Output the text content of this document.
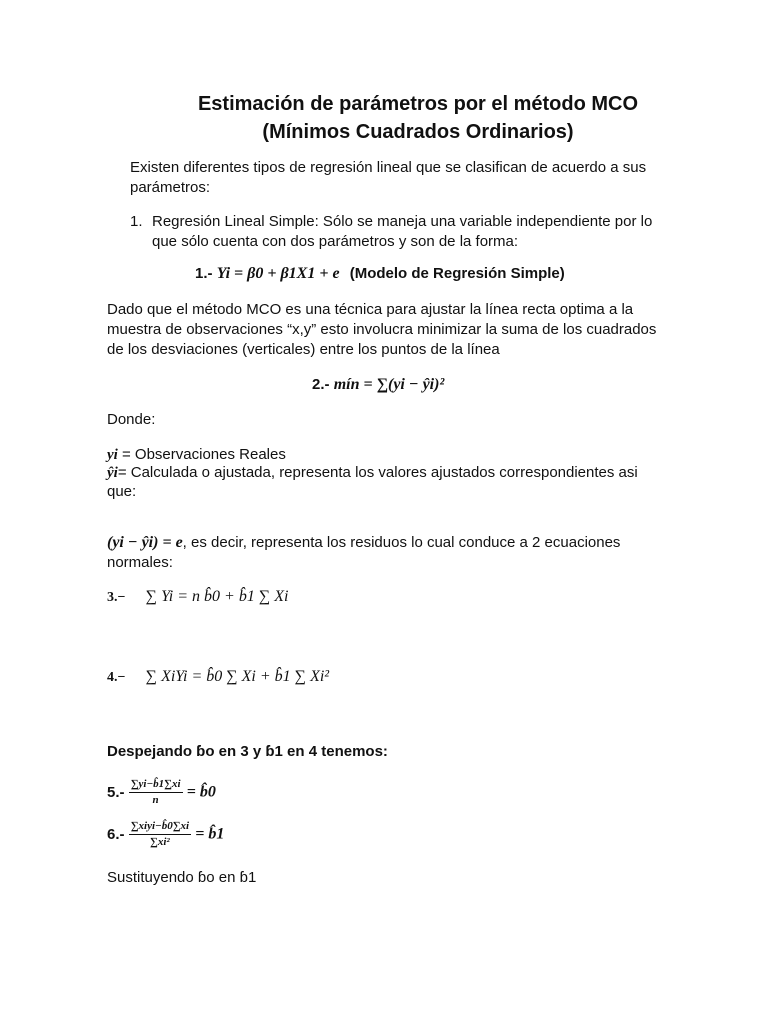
Estimación de parámetros por el método MCO
(Mínimos Cuadrados Ordinarios)
Existen diferentes tipos de regresión lineal que se clasifican de acuerdo a sus
parámetros:
1. Regresión Lineal Simple: Sólo se maneja una variable independiente por lo
que sólo cuenta con dos parámetros y son de la forma:
1.- Yi = β0 + β1X1 + e (Modelo de Regresión Simple)
Dado que el método MCO es una técnica para ajustar la línea recta optima a la
muestra de observaciones “x,y” esto involucra minimizar la suma de los cuadrados
de los desviaciones (verticales) entre los puntos de la línea
2.- mín = ∑(yi − ŷi)²
Donde:
yi = Observaciones Reales
ŷi= Calculada o ajustada, representa los valores ajustados correspondientes asi
que:
(yi − ŷi) = e, es decir, representa los residuos lo cual conduce a 2 ecuaciones
normales:
3.− ∑ Yi = n b̂0 + b̂1 ∑ Xi
4.− ∑ XiYi = b̂0 ∑ Xi + b̂1 ∑ Xi²
Despejando ɓo en 3 y ɓ1 en 4 tenemos:
$5.- \frac{\sum yi-b̂1\sum xi}{n}$ = b̂0
$6.- \frac{\text{∑xiyi−b̂0∑xi}}{\text{∑xi²}}$ = b̂1
Sustituyendo ɓo en ɓ1
